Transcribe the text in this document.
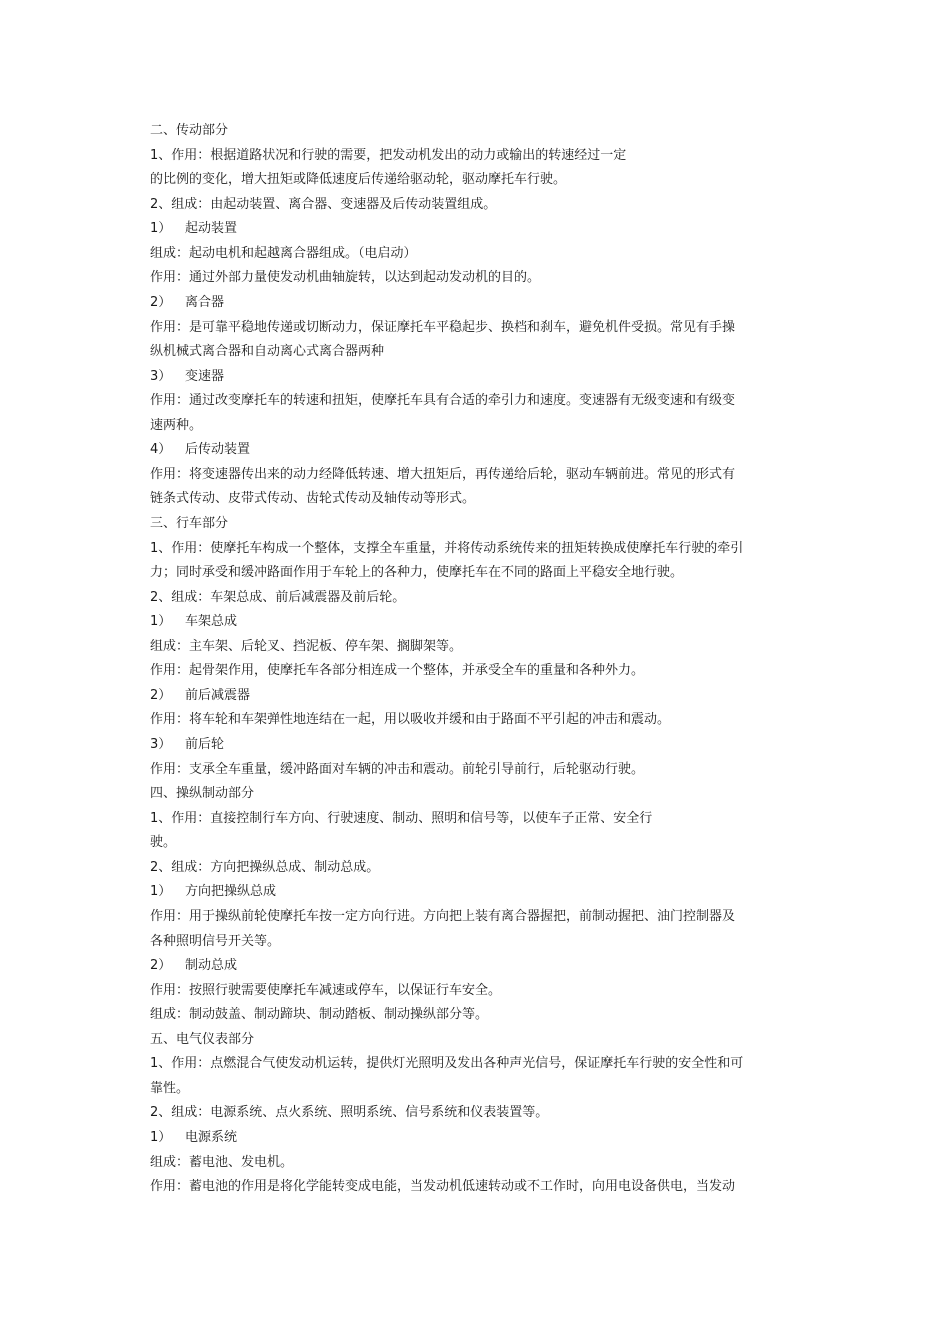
二、传动部分
1、作用：根据道路状况和行驶的需要，把发动机发出的动力或输出的转速经过一定
的比例的变化，增大扭矩或降低速度后传递给驱动轮，驱动摩托车行驶。
2、组成：由起动装置、离合器、变速器及后传动装置组成。
1） 起动装置
组成：起动电机和起越离合器组成。（电启动）
作用：通过外部力量使发动机曲轴旋转，以达到起动发动机的目的。
2） 离合器
作用：是可靠平稳地传递或切断动力，保证摩托车平稳起步、换档和刹车，避免机件受损。常见有手操
纵机械式离合器和自动离心式离合器两种
3） 变速器
作用：通过改变摩托车的转速和扭矩，使摩托车具有合适的牵引力和速度。变速器有无级变速和有级变
速两种。
4） 后传动装置
作用：将变速器传出来的动力经降低转速、增大扭矩后，再传递给后轮，驱动车辆前进。常见的形式有
链条式传动、皮带式传动、齿轮式传动及轴传动等形式。
三、行车部分
1、作用：使摩托车构成一个整体，支撑全车重量，并将传动系统传来的扭矩转换成使摩托车行驶的牵引
力；同时承受和缓冲路面作用于车轮上的各种力，使摩托车在不同的路面上平稳安全地行驶。
2、组成：车架总成、前后减震器及前后轮。
1） 车架总成
组成：主车架、后轮叉、挡泥板、停车架、搁脚架等。
作用：起骨架作用，使摩托车各部分相连成一个整体，并承受全车的重量和各种外力。
2） 前后减震器
作用：将车轮和车架弹性地连结在一起，用以吸收并缓和由于路面不平引起的冲击和震动。
3） 前后轮
作用：支承全车重量，缓冲路面对车辆的冲击和震动。前轮引导前行，后轮驱动行驶。
四、操纵制动部分
1、作用：直接控制行车方向、行驶速度、制动、照明和信号等，以使车子正常、安全行
驶。
2、组成：方向把操纵总成、制动总成。
1） 方向把操纵总成
作用：用于操纵前轮使摩托车按一定方向行进。方向把上装有离合器握把，前制动握把、油门控制器及
各种照明信号开关等。
2） 制动总成
作用：按照行驶需要使摩托车减速或停车，以保证行车安全。
组成：制动鼓盖、制动蹄块、制动踏板、制动操纵部分等。
五、电气仪表部分
1、作用：点燃混合气使发动机运转，提供灯光照明及发出各种声光信号，保证摩托车行驶的安全性和可
靠性。
2、组成：电源系统、点火系统、照明系统、信号系统和仪表装置等。
1） 电源系统
组成：蓄电池、发电机。
作用：蓄电池的作用是将化学能转变成电能，当发动机低速转动或不工作时，向用电设备供电，当发动
